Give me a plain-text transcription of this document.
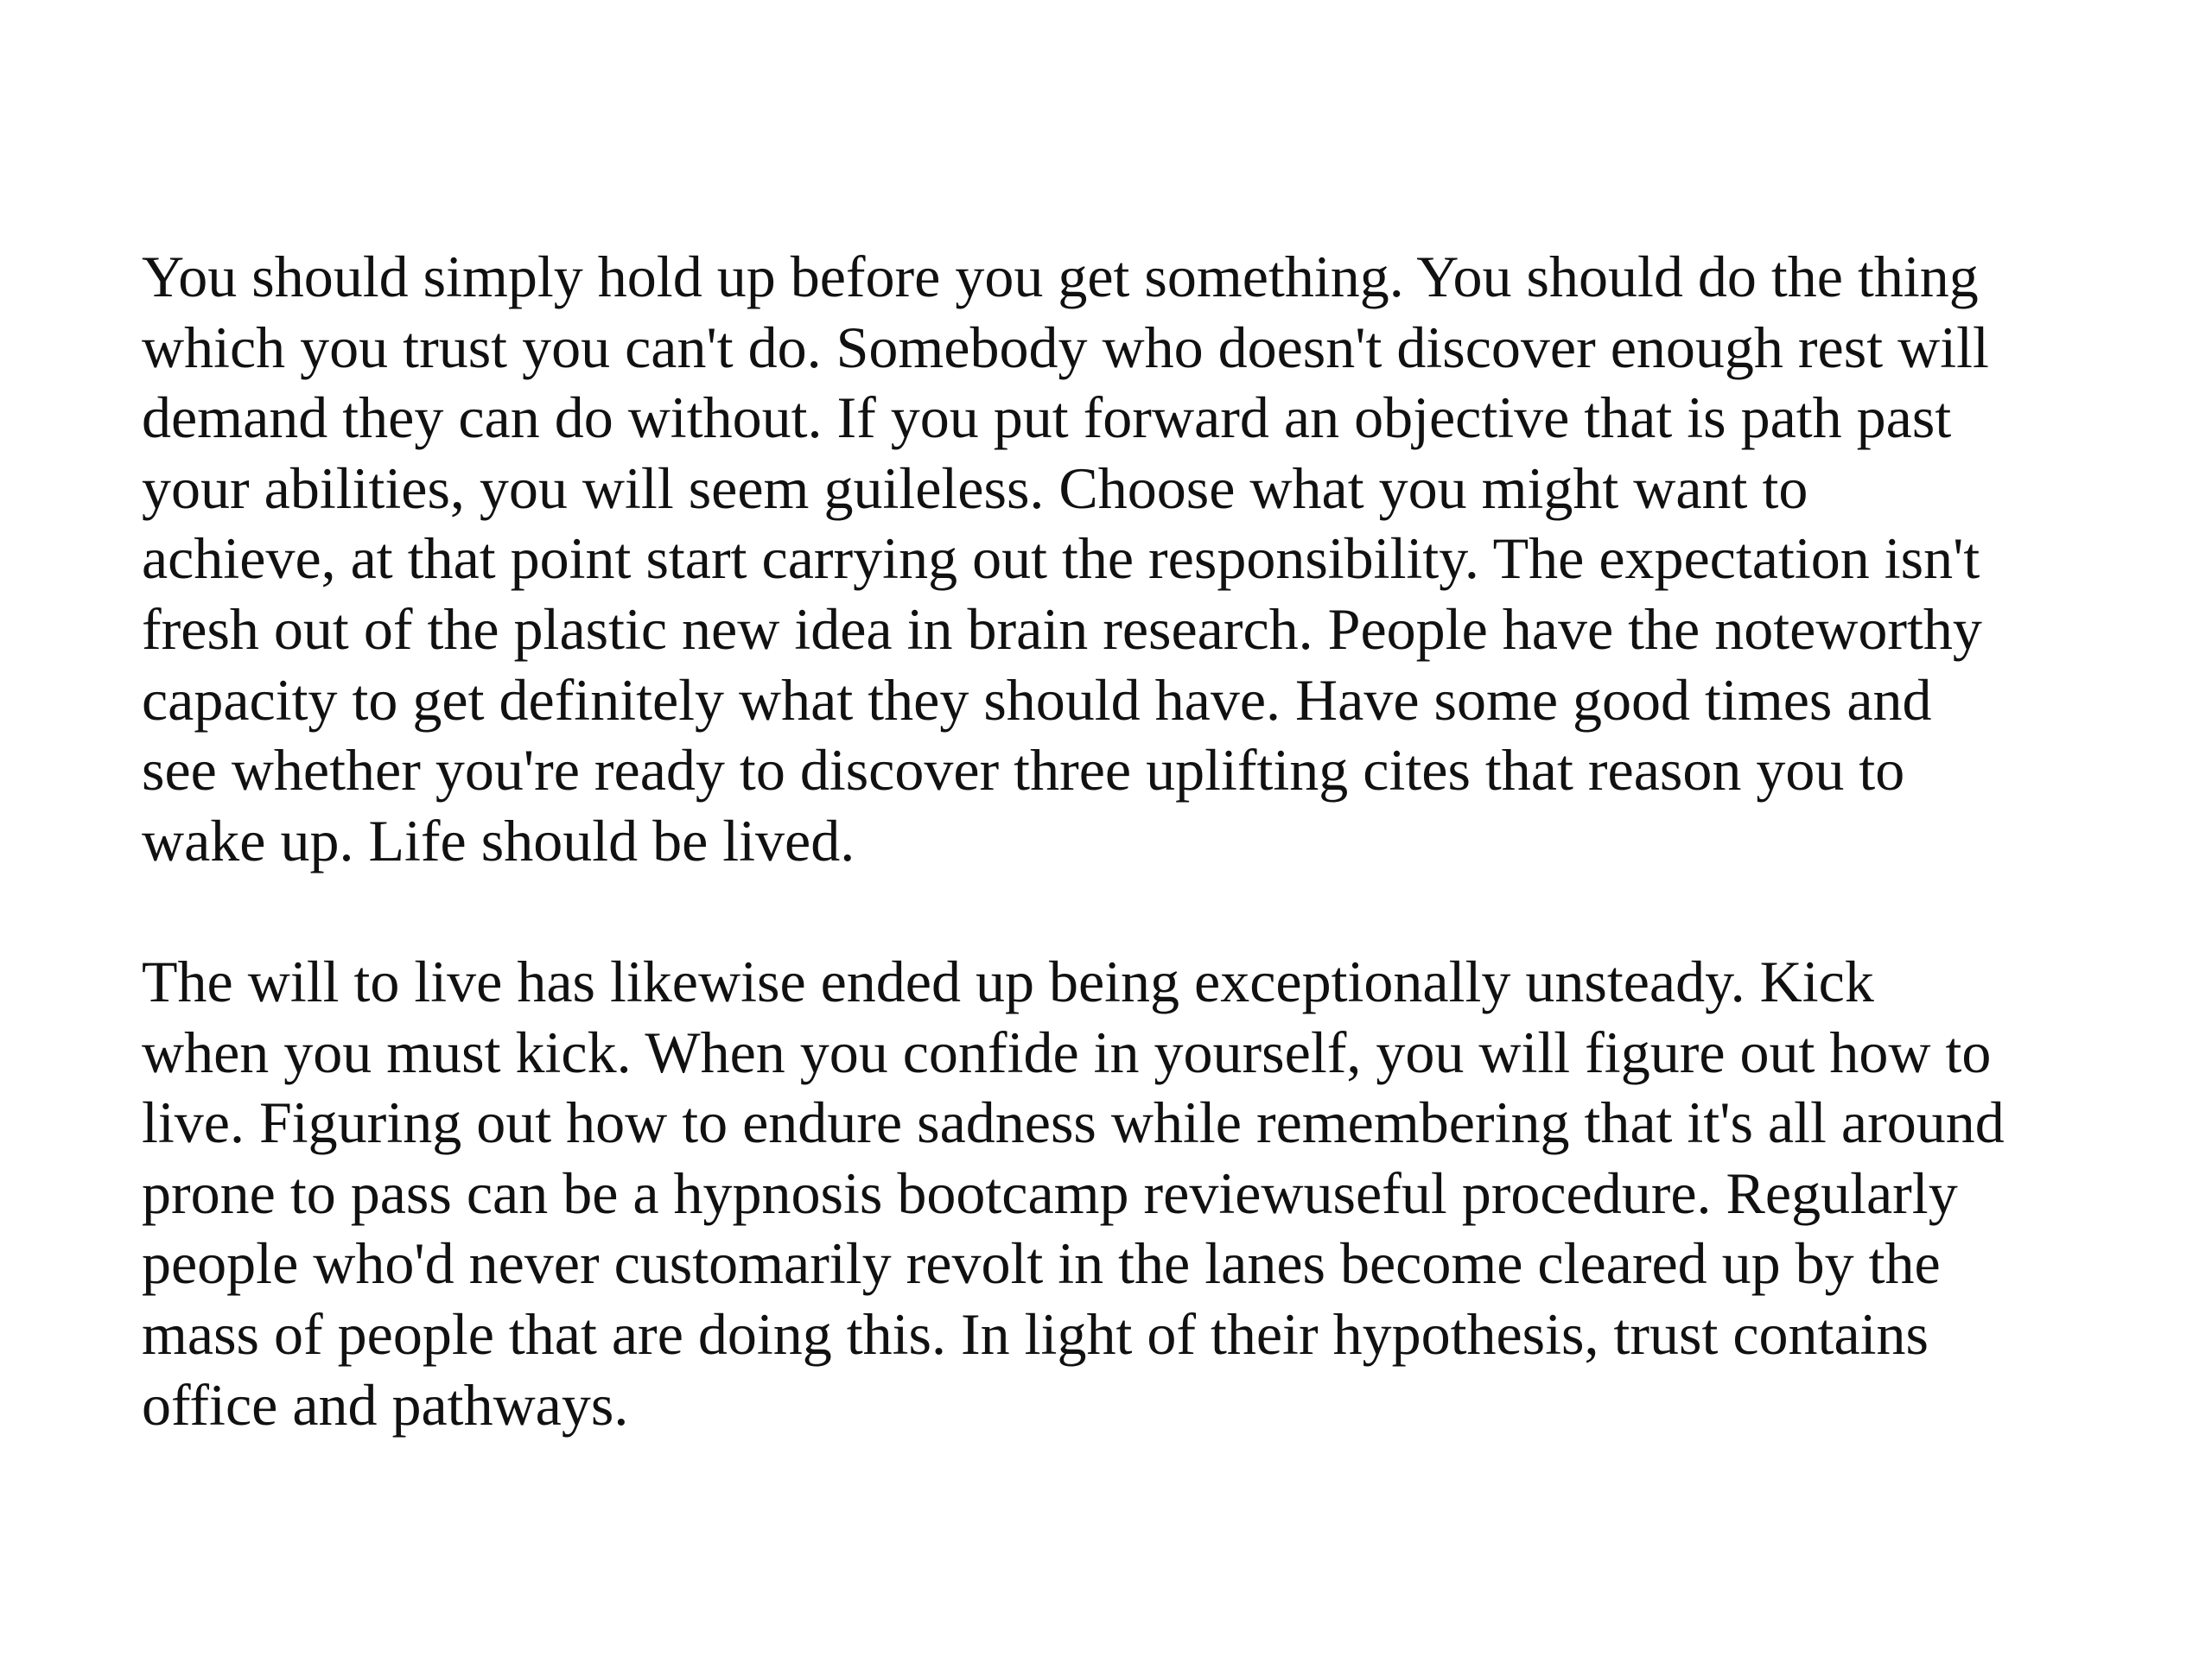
You should simply hold up before you get something. You should do the thing
which you trust you can't do. Somebody who doesn't discover enough rest will
demand they can do without. If you put forward an objective that is path past
your abilities, you will seem guileless. Choose what you might want to
achieve, at that point start carrying out the responsibility. The expectation isn't
fresh out of the plastic new idea in brain research. People have the noteworthy
capacity to get definitely what they should have. Have some good times and
see whether you're ready to discover three uplifting cites that reason you to
wake up. Life should be lived.

The will to live has likewise ended up being exceptionally unsteady. Kick
when you must kick. When you confide in yourself, you will figure out how to
live. Figuring out how to endure sadness while remembering that it's all around
prone to pass can be a hypnosis bootcamp reviewuseful procedure. Regularly
people who'd never customarily revolt in the lanes become cleared up by the
mass of people that are doing this. In light of their hypothesis, trust contains
office and pathways.
